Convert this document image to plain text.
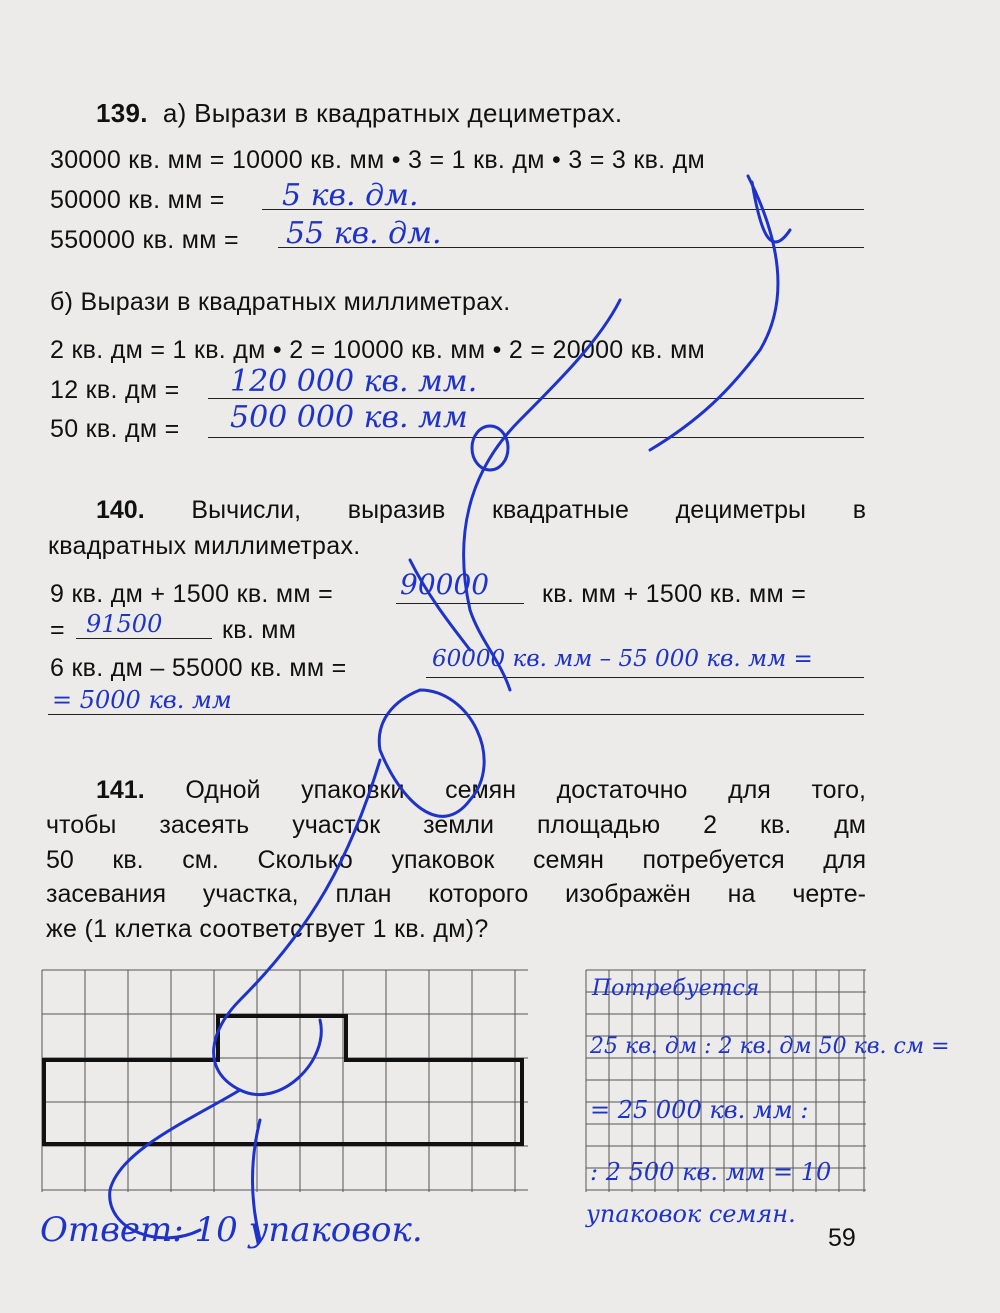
139. а) Вырази в квадратных дециметрах.
30000 кв. мм = 10000 кв. мм • 3 = 1 кв. дм • 3 = 3 кв. дм
50000 кв. мм = 5 кв. дм.
550000 кв. мм = 55 кв. дм.
б) Вырази в квадратных миллиметрах.
2 кв. дм = 1 кв. дм • 2 = 10000 кв. мм • 2 = 20000 кв. мм
12 кв. дм = 120 000 кв. мм.
50 кв. дм = 500 000 кв. мм
140. Вычисли, выразив квадратные дециметры в
квадратных миллиметрах.
9 кв. дм + 1500 кв. мм = 90000 кв. мм + 1500 кв. мм =
= 91500 кв. мм
6 кв. дм – 55000 кв. мм =	60000 кв. мм – 55 000 кв. мм =
= 5000 кв. мм
141. Одной упаковки семян достаточно для того,
чтобы засеять участок земли площадью 2 кв. дм
50 кв. см. Сколько упаковок семян потребуется для
засевания участка, план которого изображён на черте-
же (1 клетка соответствует 1 кв. дм)?
Потребуется
25 кв. дм : 2 кв. дм 50 кв. см =
= 25 000 кв. мм :
: 2 500 кв. мм = 10
упаковок семян.
Ответ: 10 упаковок.	59
